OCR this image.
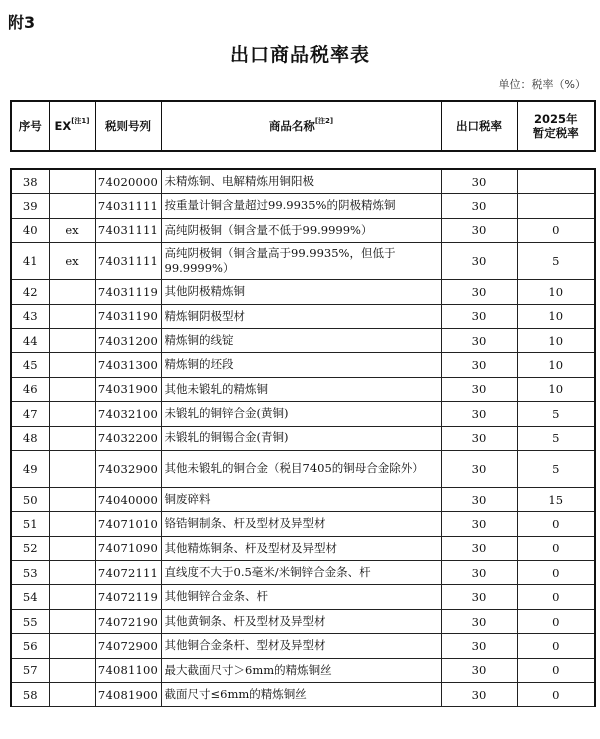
附3
出口商品税率表
单位：税率（%）
序号	EX[注1]	税则号列	商品名称[注2]	出口税率	2025年
暂定税率

38		74020000	未精炼铜、电解精炼用铜阳极	30	
39		74031111	按重量计铜含量超过99.9935%的阴极精炼铜	30	
40	ex	74031111	高纯阴极铜（铜含量不低于99.9999%）	30	0
41	ex	74031111	高纯阴极铜（铜含量高于99.9935%，但低于99.9999%）	30	5
42		74031119	其他阴极精炼铜	30	10
43		74031190	精炼铜阴极型材	30	10
44		74031200	精炼铜的线锭	30	10
45		74031300	精炼铜的坯段	30	10
46		74031900	其他未锻轧的精炼铜	30	10
47		74032100	未锻轧的铜锌合金(黄铜)	30	5
48		74032200	未锻轧的铜锡合金(青铜)	30	5
49		74032900	其他未锻轧的铜合金（税目7405的铜母合金除外）	30	5
50		74040000	铜废碎料	30	15
51		74071010	铬锆铜制条、杆及型材及异型材	30	0
52		74071090	其他精炼铜条、杆及型材及异型材	30	0
53		74072111	直线度不大于0.5毫米/米铜锌合金条、杆	30	0
54		74072119	其他铜锌合金条、杆	30	0
55		74072190	其他黄铜条、杆及型材及异型材	30	0
56		74072900	其他铜合金条杆、型材及异型材	30	0
57		74081100	最大截面尺寸＞6mm的精炼铜丝	30	0
58		74081900	截面尺寸≤6mm的精炼铜丝	30	0
